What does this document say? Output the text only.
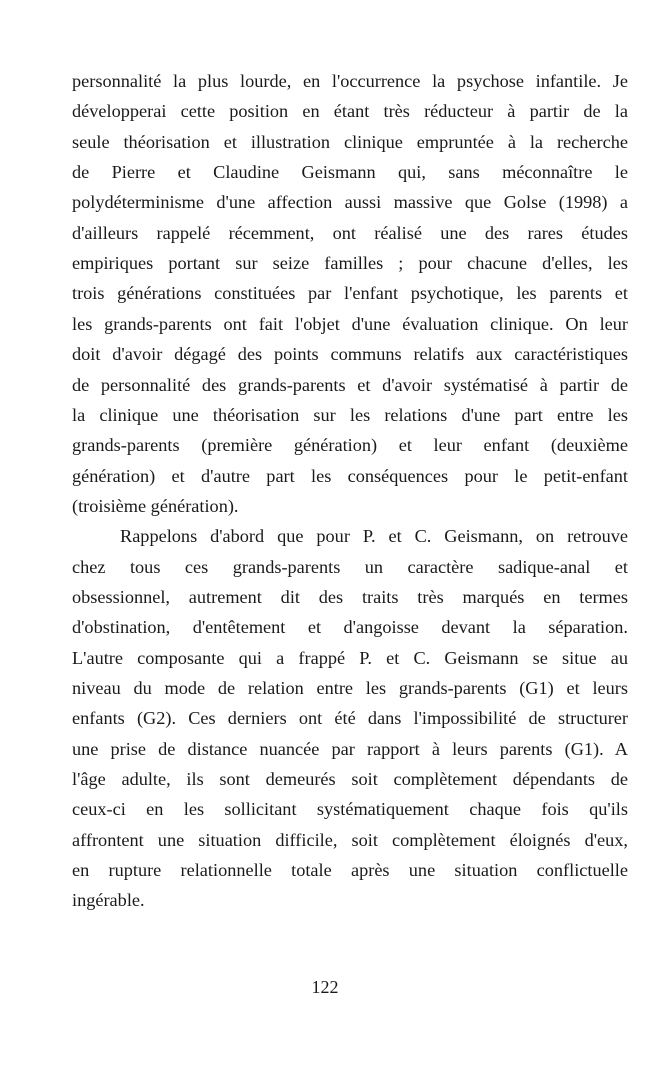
personnalité la plus lourde, en l'occurrence la psychose infantile. Je
développerai cette position en étant très réducteur à partir de la
seule théorisation et illustration clinique empruntée à la recherche
de Pierre et Claudine Geismann qui, sans méconnaître le
polydéterminisme d'une affection aussi massive que Golse (1998) a
d'ailleurs rappelé récemment, ont réalisé une des rares études
empiriques portant sur seize familles ; pour chacune d'elles, les
trois générations constituées par l'enfant psychotique, les parents et
les grands-parents ont fait l'objet d'une évaluation clinique. On leur
doit d'avoir dégagé des points communs relatifs aux caractéristiques
de personnalité des grands-parents et d'avoir systématisé à partir de
la clinique une théorisation sur les relations d'une part entre les
grands-parents (première génération) et leur enfant (deuxième
génération) et d'autre part les conséquences pour le petit-enfant
(troisième génération).
Rappelons d'abord que pour P. et C. Geismann, on retrouve
chez tous ces grands-parents un caractère sadique-anal et
obsessionnel, autrement dit des traits très marqués en termes
d'obstination, d'entêtement et d'angoisse devant la séparation.
L'autre composante qui a frappé P. et C. Geismann se situe au
niveau du mode de relation entre les grands-parents (G1) et leurs
enfants (G2). Ces derniers ont été dans l'impossibilité de structurer
une prise de distance nuancée par rapport à leurs parents (G1). A
l'âge adulte, ils sont demeurés soit complètement dépendants de
ceux-ci en les sollicitant systématiquement chaque fois qu'ils
affrontent une situation difficile, soit complètement éloignés d'eux,
en rupture relationnelle totale après une situation conflictuelle
ingérable.
122
